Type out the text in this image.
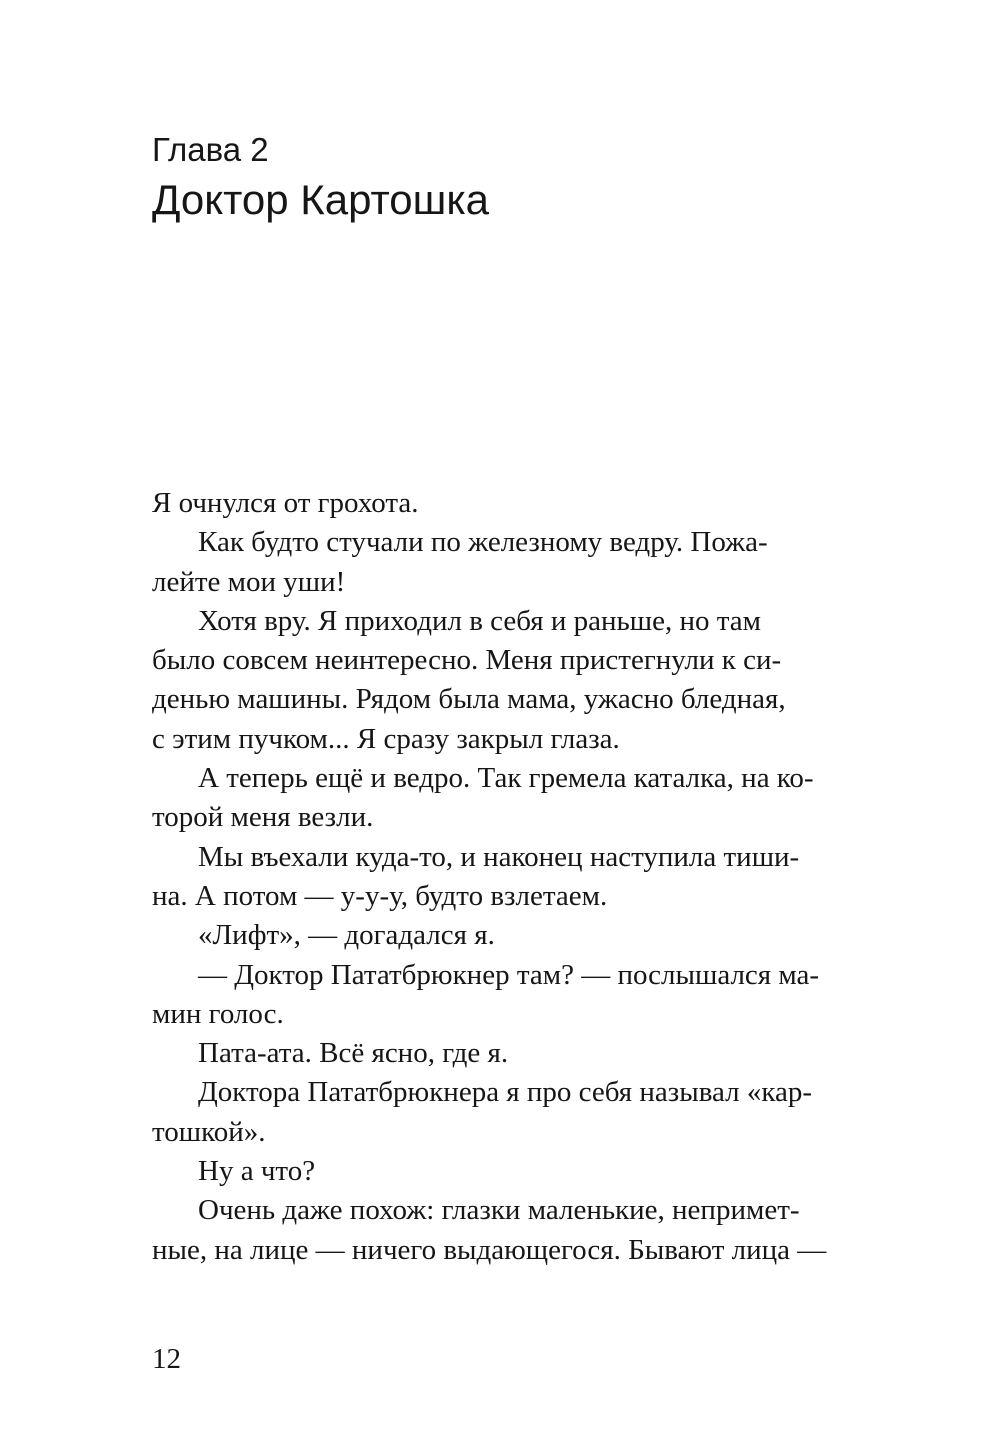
Глава 2
Доктор Картошка
Я очнулся от грохота.
Как будто стучали по железному ведру. Пожа-
лейте мои уши!
Хотя вру. Я приходил в себя и раньше, но там
было совсем неинтересно. Меня пристегнули к си-
денью машины. Рядом была мама, ужасно бледная,
с этим пучком... Я сразу закрыл глаза.
А теперь ещё и ведро. Так гремела каталка, на ко-
торой меня везли.
Мы въехали куда-то, и наконец наступила тиши-
на. А потом — у-у-у, будто взлетаем.
«Лифт», — догадался я.
— Доктор Пататбрюкнер там? — послышался ма-
мин голос.
Пата-ата. Всё ясно, где я.
Доктора Пататбрюкнера я про себя называл «кар-
тошкой».
Ну а что?
Очень даже похож: глазки маленькие, непримет-
ные, на лице — ничего выдающегося. Бывают лица —
12
